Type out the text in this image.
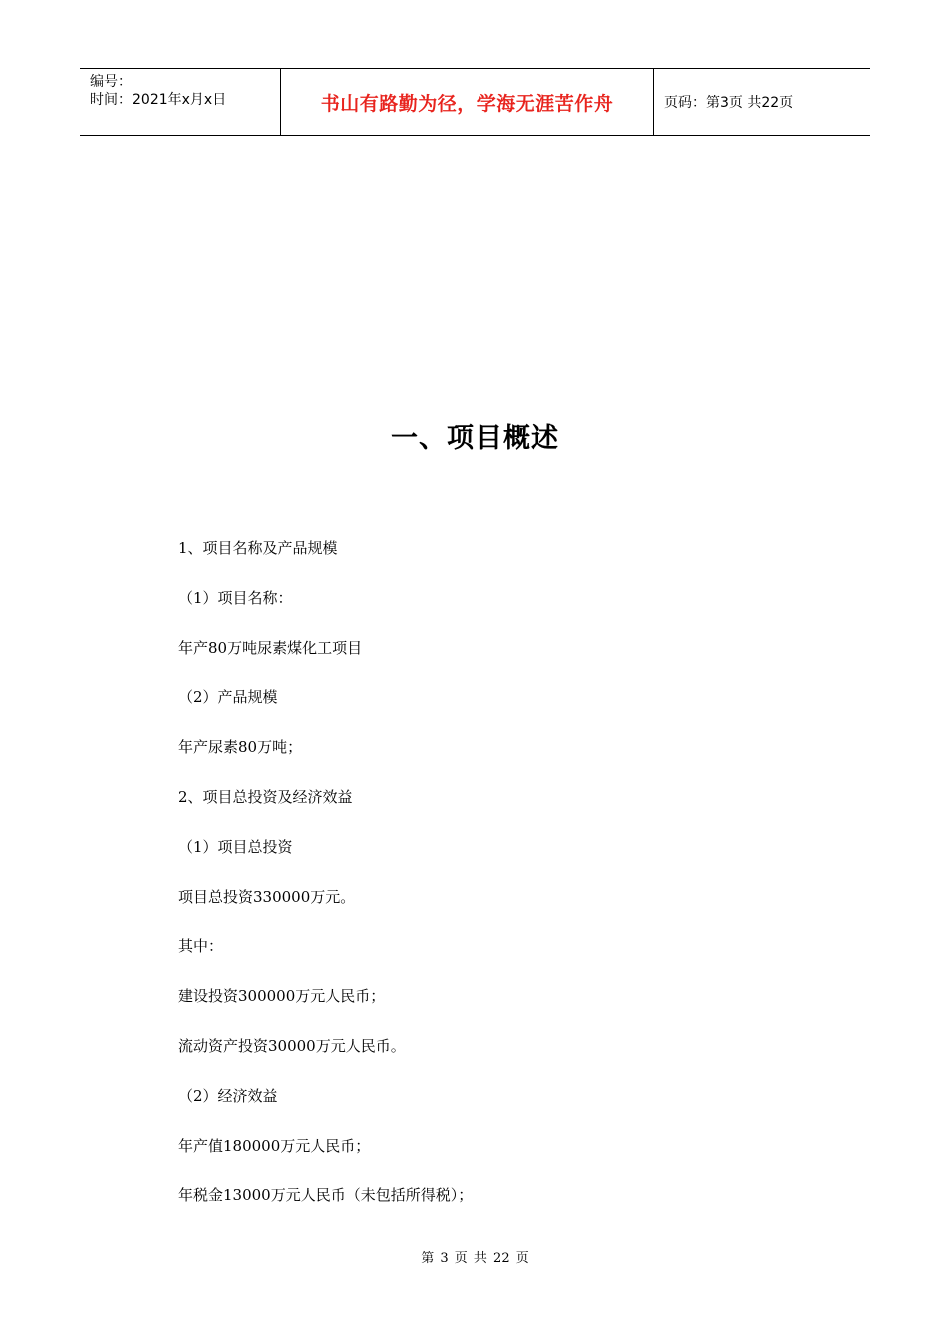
编号：
时间：2021年x月x日	书山有路勤为径，学海无涯苦作舟	页码：第3页 共22页
一、项目概述
1、项目名称及产品规模
（1）项目名称：
年产80万吨尿素煤化工项目
（2）产品规模
年产尿素80万吨；
2、项目总投资及经济效益
（1）项目总投资
项目总投资330000万元。
其中：
建设投资300000万元人民币；
流动资产投资30000万元人民币。
（2）经济效益
年产值180000万元人民币；
年税金13000万元人民币（未包括所得税）；
第 3 页 共 22 页
